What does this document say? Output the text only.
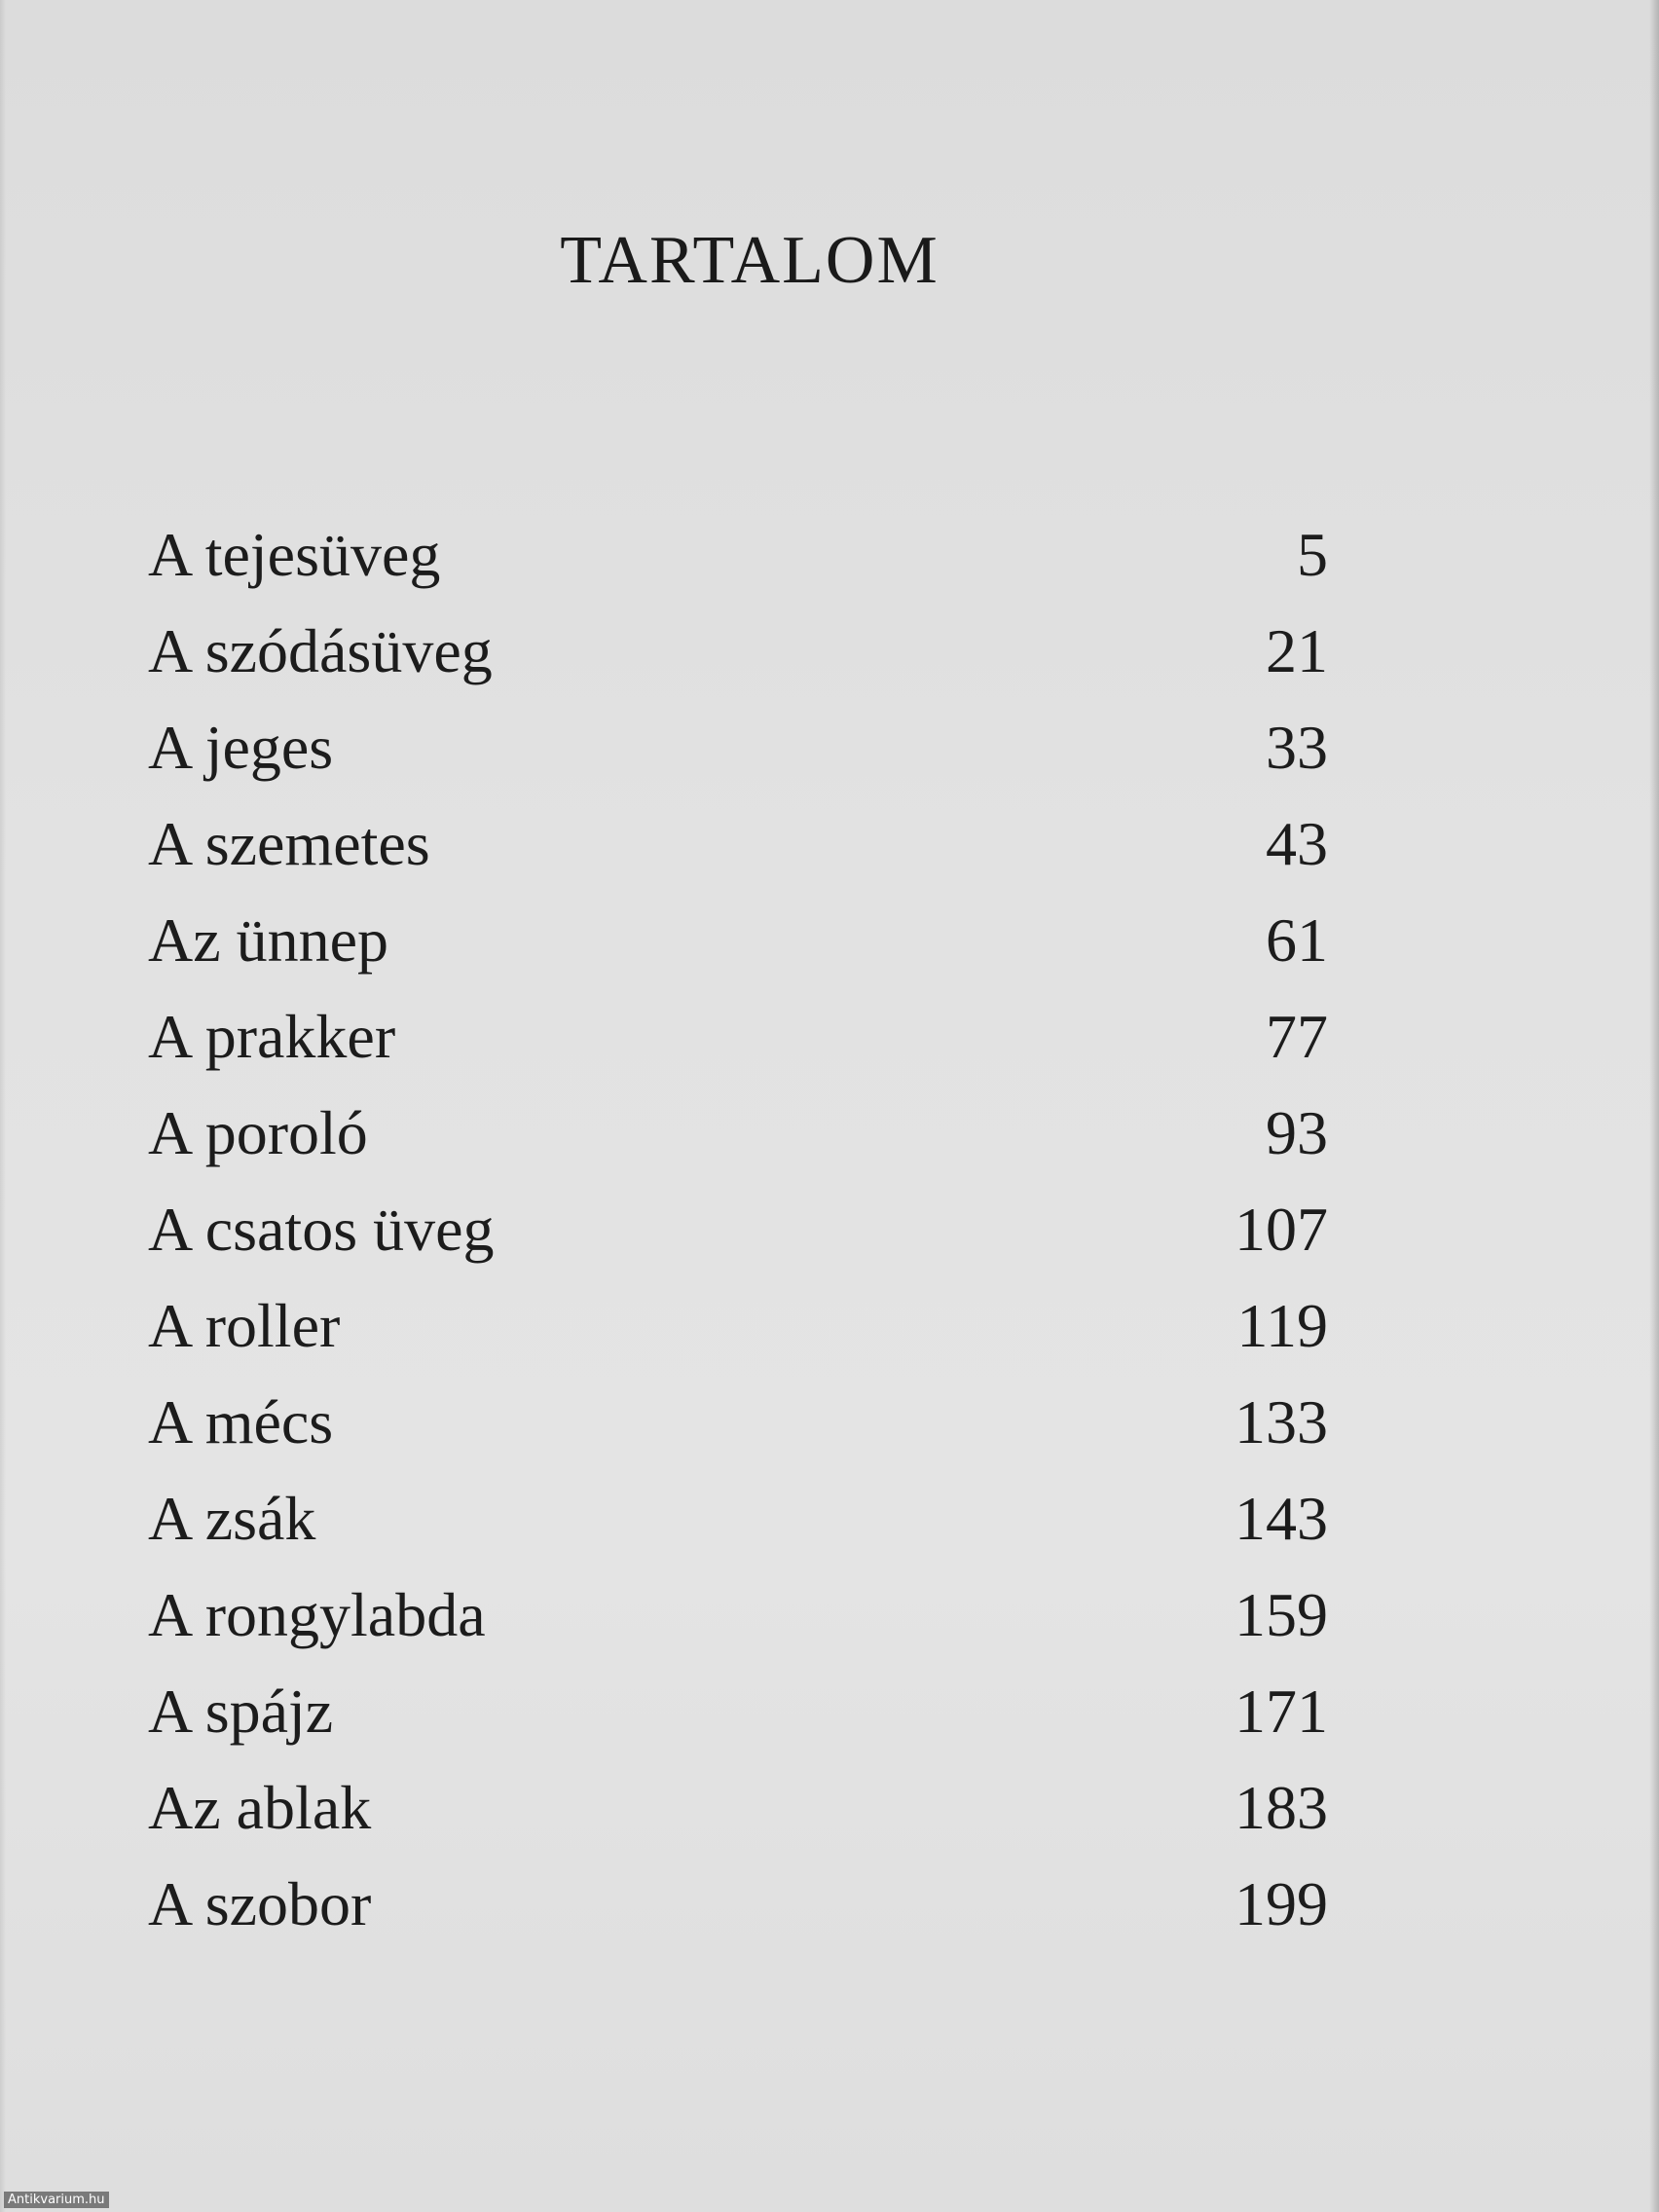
TARTALOM
A tejesüveg	5
A szódásüveg	21
A jeges	33
A szemetes	43
Az ünnep	61
A prakker	77
A poroló	93
A csatos üveg	107
A roller	119
A mécs	133
A zsák	143
A rongylabda	159
A spájz	171
Az ablak	183
A szobor	199
Antikvarium.hu
